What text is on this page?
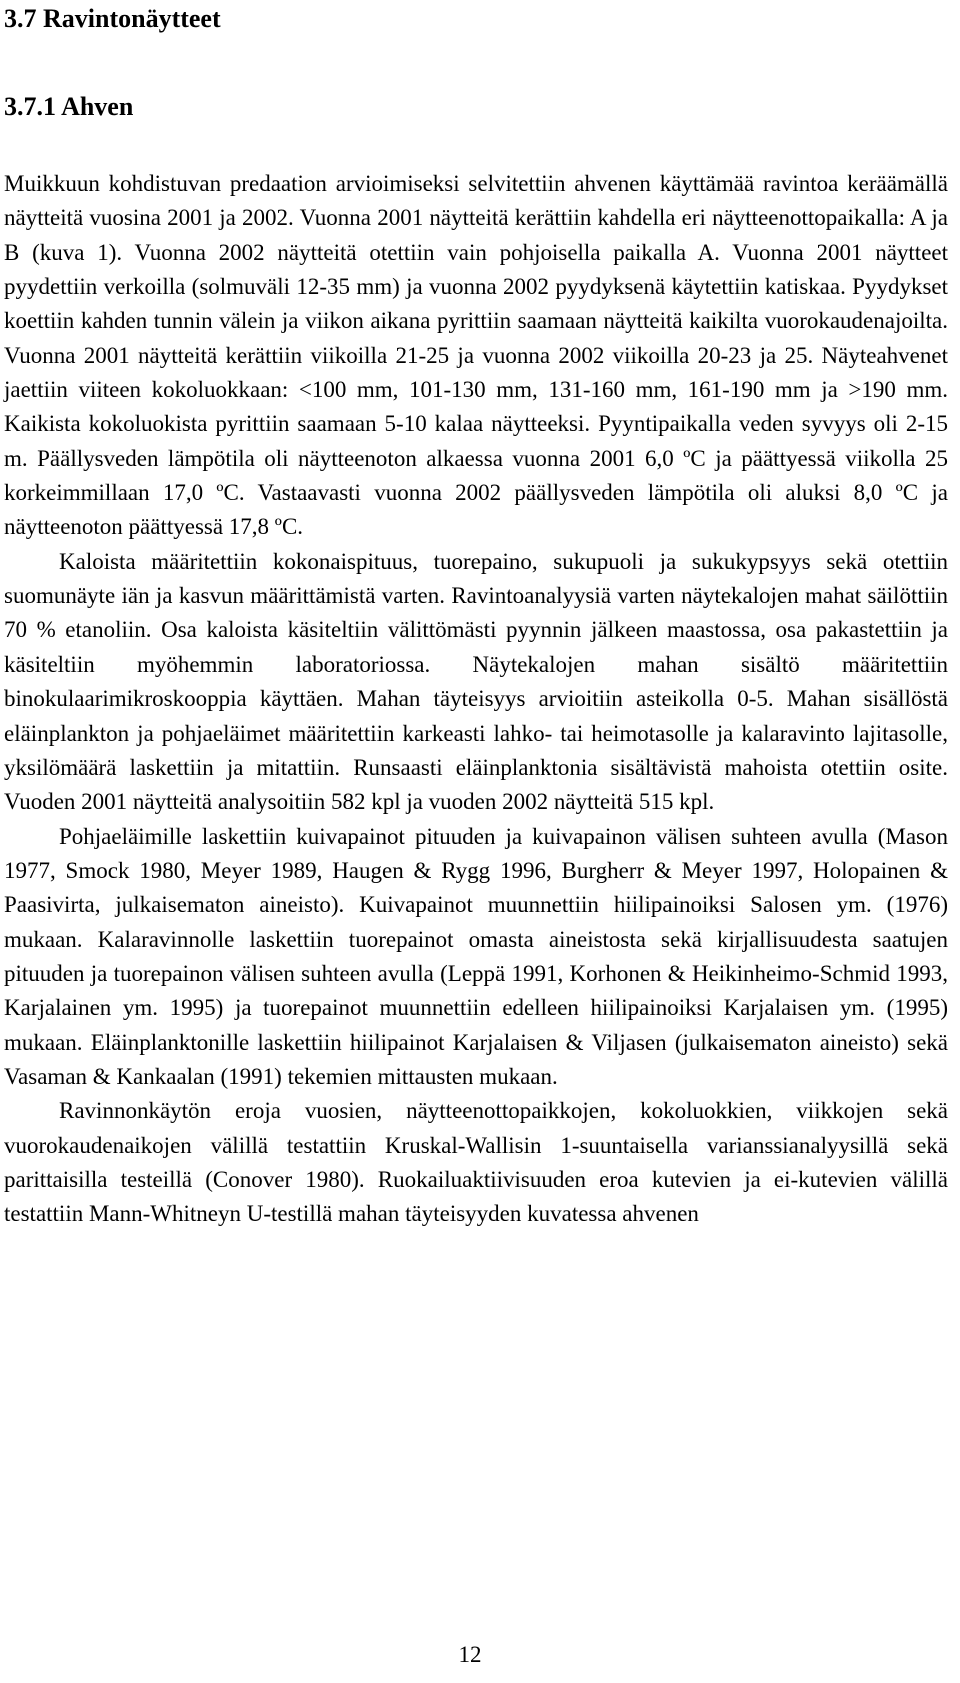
3.7 Ravintonäytteet
3.7.1 Ahven

Muikkuun kohdistuvan predaation arvioimiseksi selvitettiin ahvenen käyttämää ravintoa keräämällä näytteitä vuosina 2001 ja 2002. Vuonna 2001 näytteitä kerättiin kahdella eri näytteenottopaikalla: A ja B (kuva 1). Vuonna 2002 näytteitä otettiin vain pohjoisella paikalla A. Vuonna 2001 näytteet pyydettiin verkoilla (solmuväli 12-35 mm) ja vuonna 2002 pyydyksenä käytettiin katiskaa. Pyydykset koettiin kahden tunnin välein ja viikon aikana pyrittiin saamaan näytteitä kaikilta vuorokaudenajoilta. Vuonna 2001 näytteitä kerättiin viikoilla 21-25 ja vuonna 2002 viikoilla 20-23 ja 25. Näyteahvenet jaettiin viiteen kokoluokkaan: <100 mm, 101-130 mm, 131-160 mm, 161-190 mm ja >190 mm. Kaikista kokoluokista pyrittiin saamaan 5-10 kalaa näytteeksi. Pyyntipaikalla veden syvyys oli 2-15 m. Päällysveden lämpötila oli näytteenoton alkaessa vuonna 2001 6,0 ºC ja päättyessä viikolla 25 korkeimmillaan 17,0 ºC. Vastaavasti vuonna 2002 päällysveden lämpötila oli aluksi 8,0 ºC ja näytteenoton päättyessä 17,8 ºC.

Kaloista määritettiin kokonaispituus, tuorepaino, sukupuoli ja sukukypsyys sekä otettiin suomunäyte iän ja kasvun määrittämistä varten. Ravintoanalyysiä varten näytekalojen mahat säilöttiin 70 % etanoliin. Osa kaloista käsiteltiin välittömästi pyynnin jälkeen maastossa, osa pakastettiin ja käsiteltiin myöhemmin laboratoriossa. Näytekalojen mahan sisältö määritettiin binokulaarimikroskooppia käyttäen. Mahan täyteisyys arvioitiin asteikolla 0-5. Mahan sisällöstä eläinplankton ja pohjaeläimet määritettiin karkeasti lahko- tai heimotasolle ja kalaravinto lajitasolle, yksilömäärä laskettiin ja mitattiin. Runsaasti eläinplanktonia sisältävistä mahoista otettiin osite. Vuoden 2001 näytteitä analysoitiin 582 kpl ja vuoden 2002 näytteitä 515 kpl.

Pohjaeläimille laskettiin kuivapainot pituuden ja kuivapainon välisen suhteen avulla (Mason 1977, Smock 1980, Meyer 1989, Haugen & Rygg 1996, Burgherr & Meyer 1997, Holopainen & Paasivirta, julkaisematon aineisto). Kuivapainot muunnettiin hiilipainoiksi Salosen ym. (1976) mukaan. Kalaravinnolle laskettiin tuorepainot omasta aineistosta sekä kirjallisuudesta saatujen pituuden ja tuorepainon välisen suhteen avulla (Leppä 1991, Korhonen & Heikinheimo-Schmid 1993, Karjalainen ym. 1995) ja tuorepainot muunnettiin edelleen hiilipainoiksi Karjalaisen ym. (1995) mukaan. Eläinplanktonille laskettiin hiilipainot Karjalaisen & Viljasen (julkaisematon aineisto) sekä Vasaman & Kankaalan (1991) tekemien mittausten mukaan.

Ravinnonkäytön eroja vuosien, näytteenottopaikkojen, kokoluokkien, viikkojen sekä vuorokaudenaikojen välillä testattiin Kruskal-Wallisin 1-suuntaisella varianssianalyysillä sekä parittaisilla testeillä (Conover 1980). Ruokailuaktiivisuuden eroa kutevien ja ei-kutevien välillä testattiin Mann-Whitneyn U-testillä mahan täyteisyyden kuvatessa ahvenen

12
